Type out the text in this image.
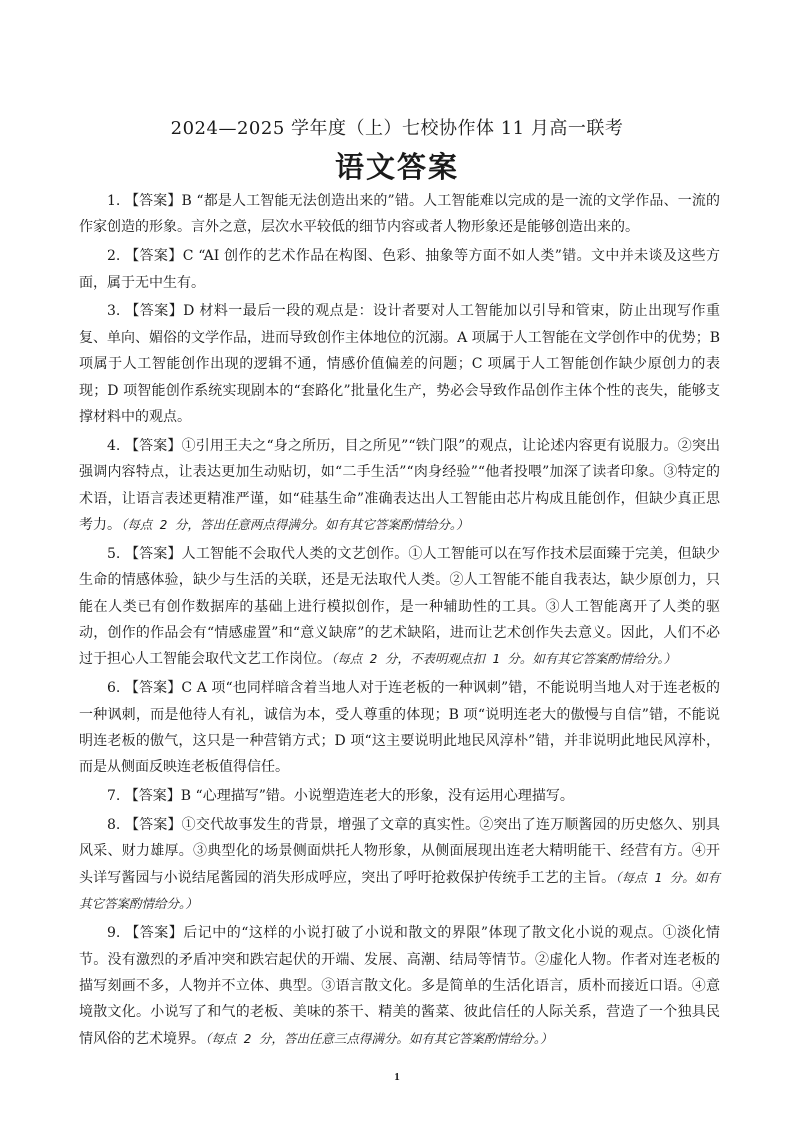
2024—2025 学年度（上）七校协作体 11 月高一联考
语文答案

1. 【答案】B “都是人工智能无法创造出来的”错。人工智能难以完成的是一流的文学作品、一流的作家创造的形象。言外之意，层次水平较低的细节内容或者人物形象还是能够创造出来的。

2. 【答案】C “AI 创作的艺术作品在构图、色彩、抽象等方面不如人类”错。文中并未谈及这些方面，属于无中生有。

3. 【答案】D 材料一最后一段的观点是：设计者要对人工智能加以引导和管束，防止出现写作重复、单向、媚俗的文学作品，进而导致创作主体地位的沉溺。A 项属于人工智能在文学创作中的优势；B 项属于人工智能创作出现的逻辑不通，情感价值偏差的问题；C 项属于人工智能创作缺少原创力的表现；D 项智能创作系统实现剧本的“套路化”批量化生产，势必会导致作品创作主体个性的丧失，能够支撑材料中的观点。

4. 【答案】①引用王夫之“身之所历，目之所见”“铁门限”的观点，让论述内容更有说服力。②突出强调内容特点，让表达更加生动贴切，如“二手生活”“肉身经验”“他者投喂”加深了读者印象。③特定的术语，让语言表述更精准严谨，如“硅基生命”准确表达出人工智能由芯片构成且能创作，但缺少真正思考力。（每点 2 分，答出任意两点得满分。如有其它答案酌情给分。）

5. 【答案】人工智能不会取代人类的文艺创作。①人工智能可以在写作技术层面臻于完美，但缺少生命的情感体验，缺少与生活的关联，还是无法取代人类。②人工智能不能自我表达，缺少原创力，只能在人类已有创作数据库的基础上进行模拟创作，是一种辅助性的工具。③人工智能离开了人类的驱动，创作的作品会有“情感虚置”和“意义缺席”的艺术缺陷，进而让艺术创作失去意义。因此，人们不必过于担心人工智能会取代文艺工作岗位。（每点 2 分，不表明观点扣 1 分。如有其它答案酌情给分。）

6. 【答案】C A 项“也同样暗含着当地人对于连老板的一种讽刺”错，不能说明当地人对于连老板的一种讽刺，而是他待人有礼，诚信为本，受人尊重的体现；B 项“说明连老大的傲慢与自信”错，不能说明连老板的傲气，这只是一种营销方式；D 项“这主要说明此地民风淳朴”错，并非说明此地民风淳朴，而是从侧面反映连老板值得信任。

7. 【答案】B “心理描写”错。小说塑造连老大的形象，没有运用心理描写。

8. 【答案】①交代故事发生的背景，增强了文章的真实性。②突出了连万顺酱园的历史悠久、别具风采、财力雄厚。③典型化的场景侧面烘托人物形象，从侧面展现出连老大精明能干、经营有方。④开头详写酱园与小说结尾酱园的消失形成呼应，突出了呼吁抢救保护传统手工艺的主旨。（每点 1 分。如有其它答案酌情给分。）

9. 【答案】后记中的“这样的小说打破了小说和散文的界限”体现了散文化小说的观点。①淡化情节。没有激烈的矛盾冲突和跌宕起伏的开端、发展、高潮、结局等情节。②虚化人物。作者对连老板的描写刻画不多，人物并不立体、典型。③语言散文化。多是简单的生活化语言，质朴而接近口语。④意境散文化。小说写了和气的老板、美味的茶干、精美的酱菜、彼此信任的人际关系，营造了一个独具民情风俗的艺术境界。（每点 2 分，答出任意三点得满分。如有其它答案酌情给分。）

1
